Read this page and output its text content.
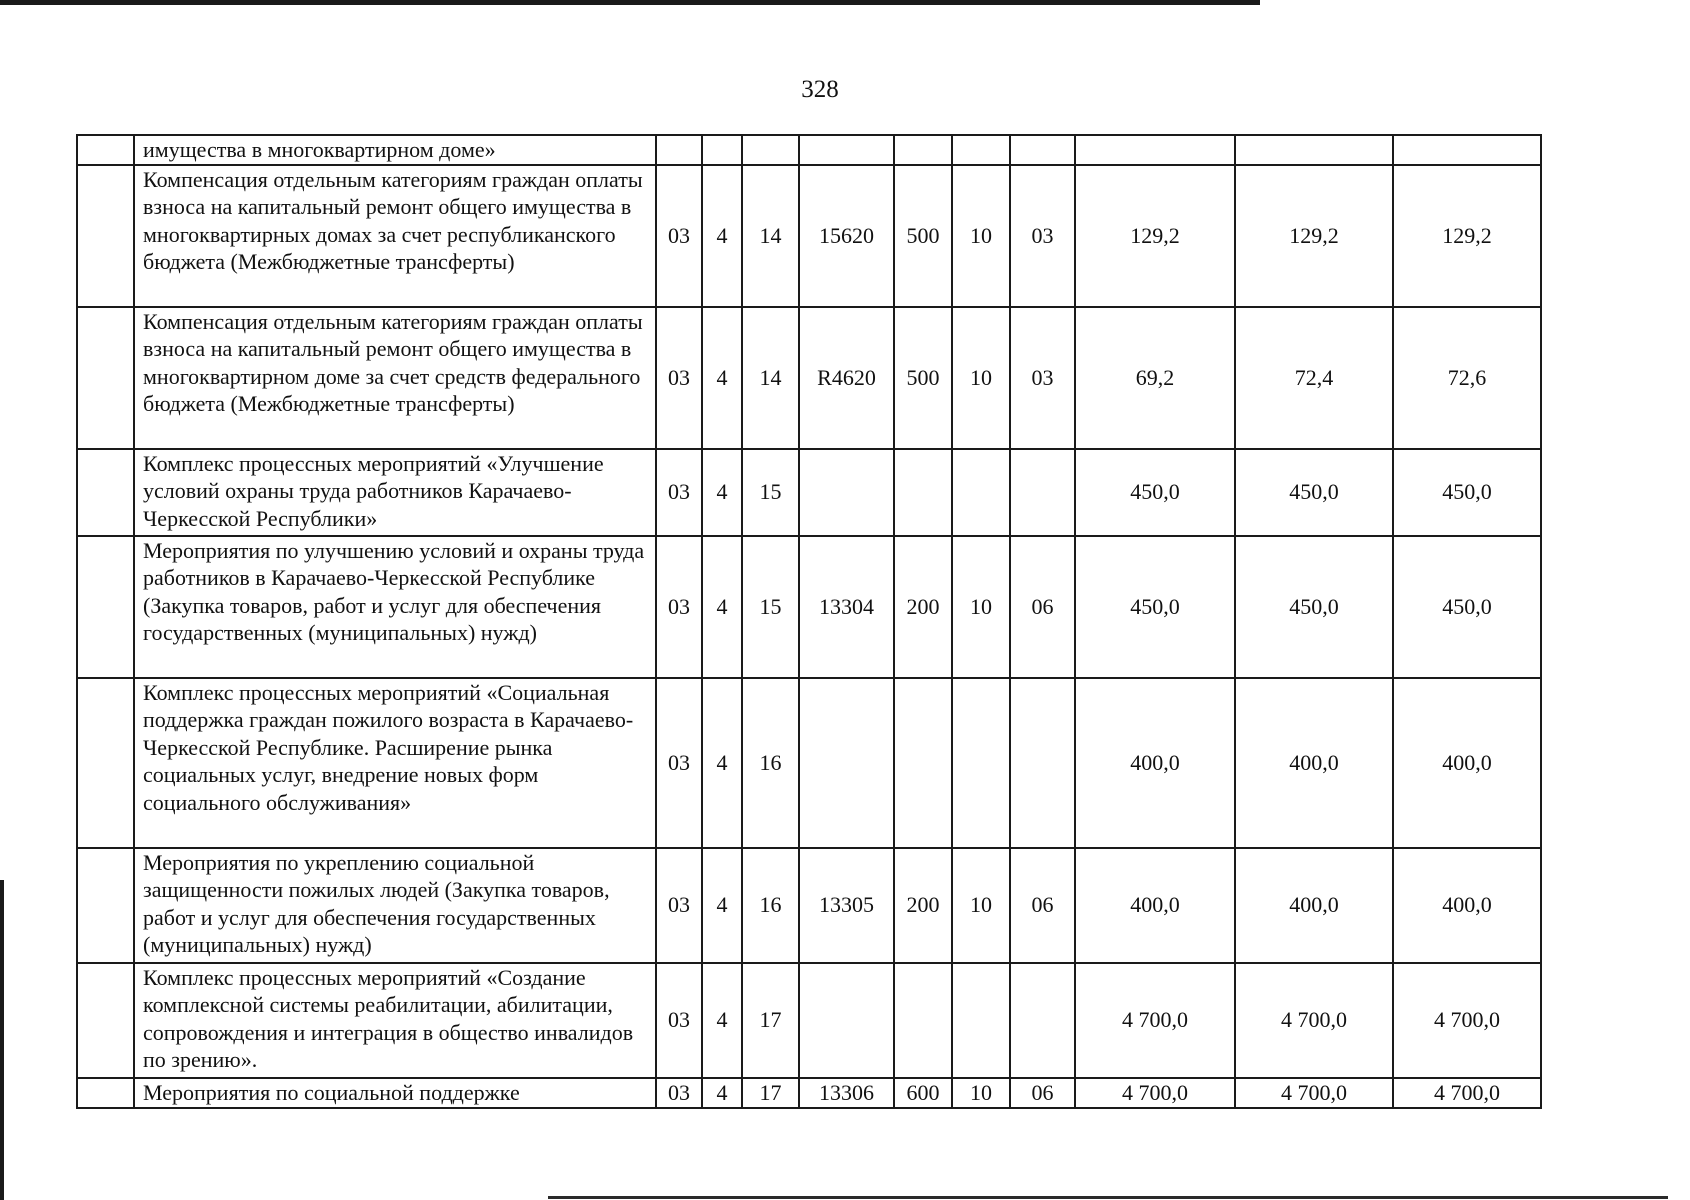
328
	имущества в многоквартирном доме»										
	Компенсация отдельным категориям граждан оплаты взноса на капитальный ремонт общего имущества в многоквартирных домах за счет республиканского бюджета (Межбюджетные трансферты)	03	4	14	15620	500	10	03	129,2	129,2	129,2
	Компенсация отдельным категориям граждан оплаты взноса на капитальный ремонт общего имущества в многоквартирном доме за счет средств федерального бюджета (Межбюджетные трансферты)	03	4	14	R4620	500	10	03	69,2	72,4	72,6
	Комплекс процессных мероприятий «Улучшение условий охраны труда работников Карачаево-Черкесской Республики»	03	4	15					450,0	450,0	450,0
	Мероприятия по улучшению условий и охраны труда работников в Карачаево-Черкесской Республике (Закупка товаров, работ и услуг для обеспечения государственных (муниципальных) нужд)	03	4	15	13304	200	10	06	450,0	450,0	450,0
	Комплекс процессных мероприятий «Социальная поддержка граждан пожилого возраста в Карачаево-Черкесской Республике. Расширение рынка социальных услуг, внедрение новых форм социального обслуживания»	03	4	16					400,0	400,0	400,0
	Мероприятия по укреплению социальной защищенности пожилых людей (Закупка товаров, работ и услуг для обеспечения государственных (муниципальных) нужд)	03	4	16	13305	200	10	06	400,0	400,0	400,0
	Комплекс процессных мероприятий «Создание комплексной системы реабилитации, абилитации, сопровождения и интеграция в общество инвалидов по зрению».	03	4	17					4 700,0	4 700,0	4 700,0
	Мероприятия по социальной поддержке	03	4	17	13306	600	10	06	4 700,0	4 700,0	4 700,0
